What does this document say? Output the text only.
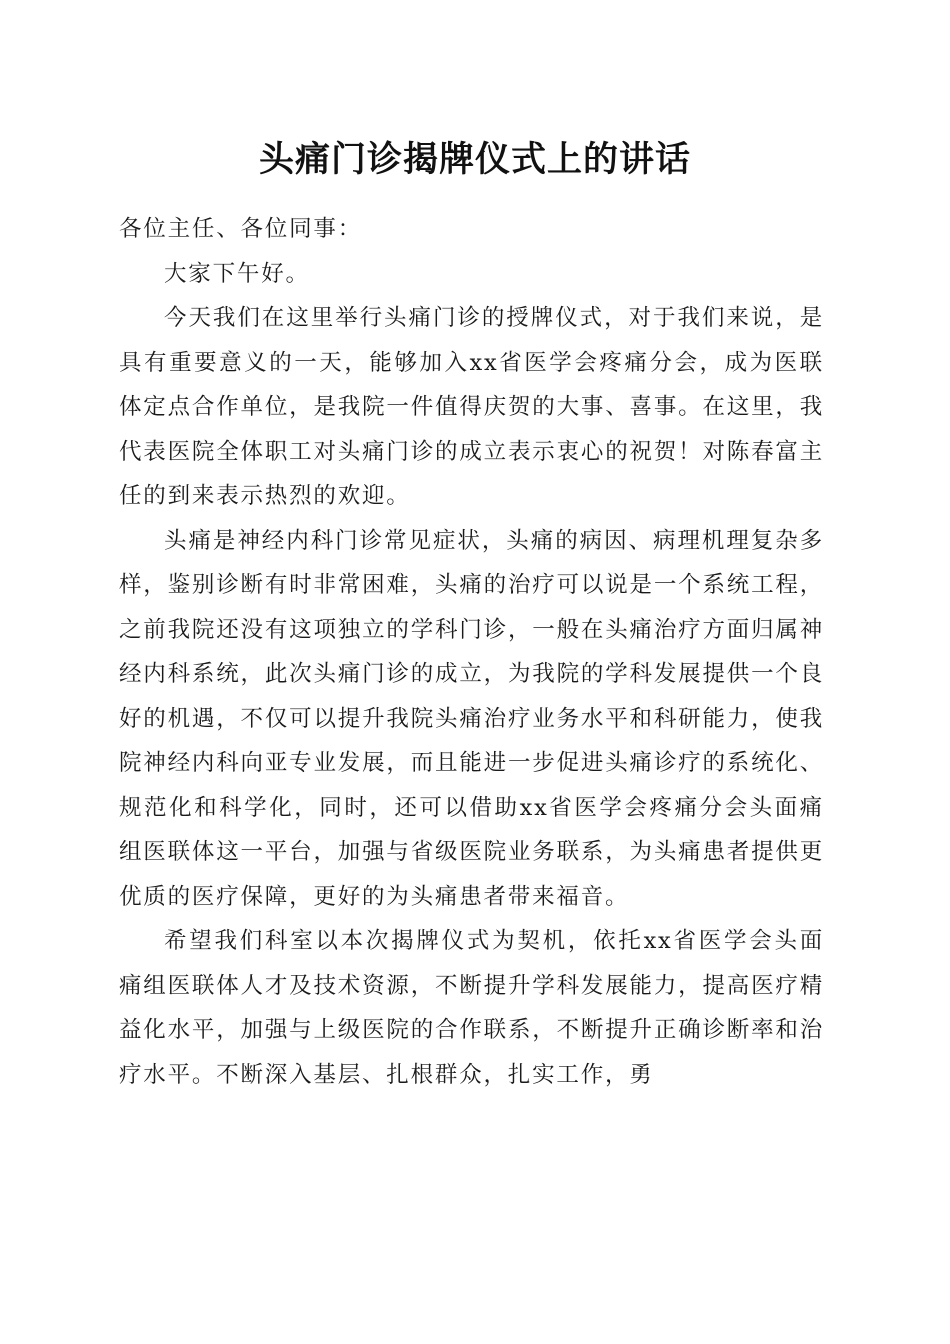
头痛门诊揭牌仪式上的讲话

各位主任、各位同事：

大家下午好。

今天我们在这里举行头痛门诊的授牌仪式，对于我们来说，是具有重要意义的一天，能够加入xx省医学会疼痛分会，成为医联体定点合作单位，是我院一件值得庆贺的大事、喜事。在这里，我代表医院全体职工对头痛门诊的成立表示衷心的祝贺！对陈春富主任的到来表示热烈的欢迎。

头痛是神经内科门诊常见症状，头痛的病因、病理机理复杂多样，鉴别诊断有时非常困难，头痛的治疗可以说是一个系统工程，之前我院还没有这项独立的学科门诊，一般在头痛治疗方面归属神经内科系统，此次头痛门诊的成立，为我院的学科发展提供一个良好的机遇，不仅可以提升我院头痛治疗业务水平和科研能力，使我院神经内科向亚专业发展，而且能进一步促进头痛诊疗的系统化、规范化和科学化，同时，还可以借助xx省医学会疼痛分会头面痛组医联体这一平台，加强与省级医院业务联系，为头痛患者提供更优质的医疗保障，更好的为头痛患者带来福音。

希望我们科室以本次揭牌仪式为契机，依托xx省医学会头面痛组医联体人才及技术资源，不断提升学科发展能力，提高医疗精益化水平，加强与上级医院的合作联系，不断提升正确诊断率和治疗水平。不断深入基层、扎根群众，扎实工作，勇
